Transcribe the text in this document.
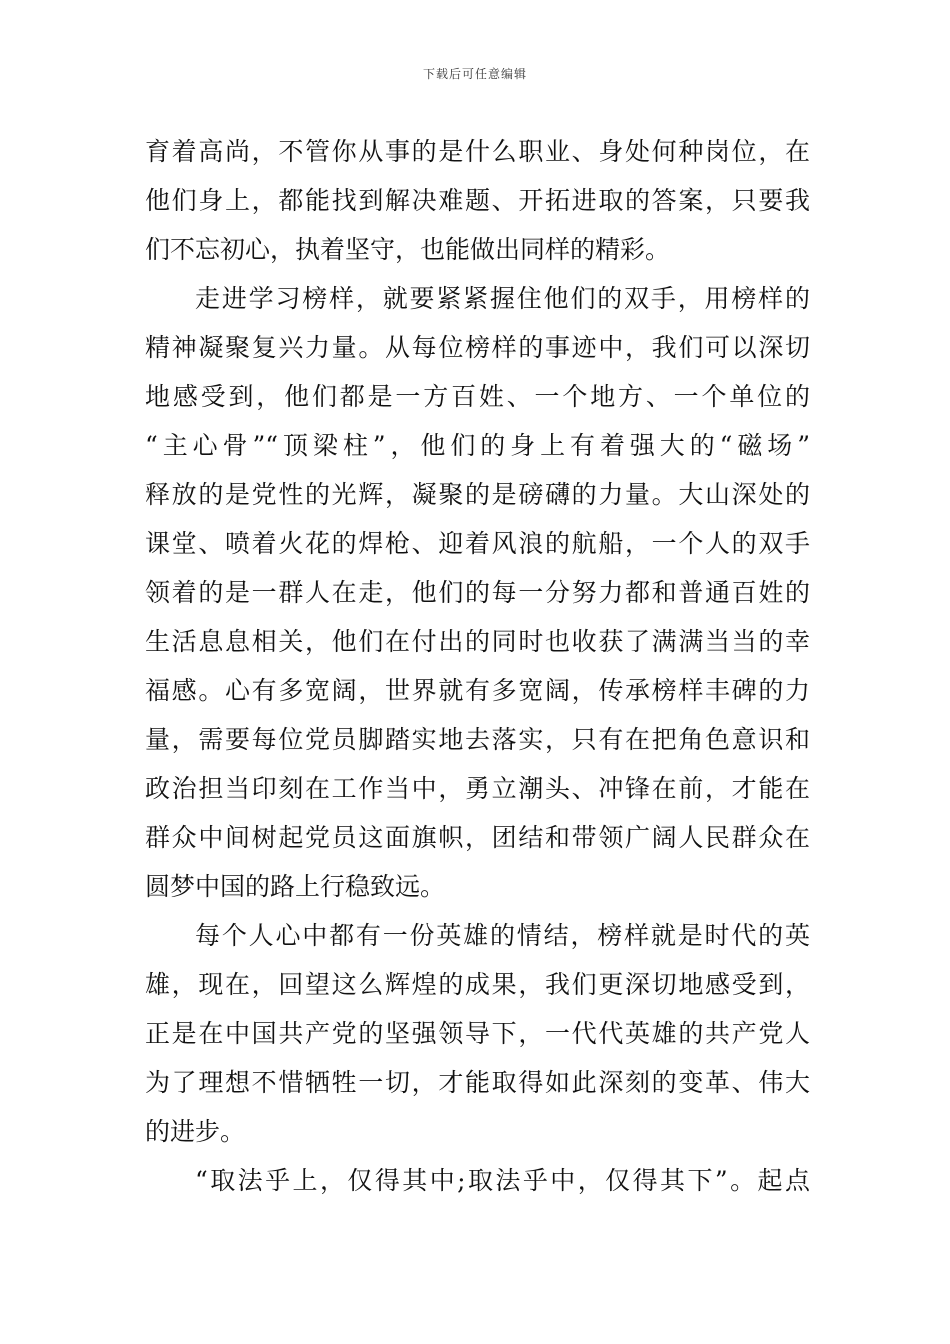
下载后可任意编辑
育着高尚，不管你从事的是什么职业、身处何种岗位，在
他们身上，都能找到解决难题、开拓进取的答案，只要我
们不忘初心，执着坚守，也能做出同样的精彩。
走进学习榜样，就要紧紧握住他们的双手，用榜样的
精神凝聚复兴力量。从每位榜样的事迹中，我们可以深切
地感受到，他们都是一方百姓、一个地方、一个单位的
“主心骨”“顶梁柱”，他们的身上有着强大的“磁场”
释放的是党性的光辉，凝聚的是磅礴的力量。大山深处的
课堂、喷着火花的焊枪、迎着风浪的航船，一个人的双手
领着的是一群人在走，他们的每一分努力都和普通百姓的
生活息息相关，他们在付出的同时也收获了满满当当的幸
福感。心有多宽阔，世界就有多宽阔，传承榜样丰碑的力
量，需要每位党员脚踏实地去落实，只有在把角色意识和
政治担当印刻在工作当中，勇立潮头、冲锋在前，才能在
群众中间树起党员这面旗帜，团结和带领广阔人民群众在
圆梦中国的路上行稳致远。
每个人心中都有一份英雄的情结，榜样就是时代的英
雄，现在，回望这么辉煌的成果，我们更深切地感受到，
正是在中国共产党的坚强领导下，一代代英雄的共产党人
为了理想不惜牺牲一切，才能取得如此深刻的变革、伟大
的进步。
“取法乎上，仅得其中;取法乎中，仅得其下”。起点
